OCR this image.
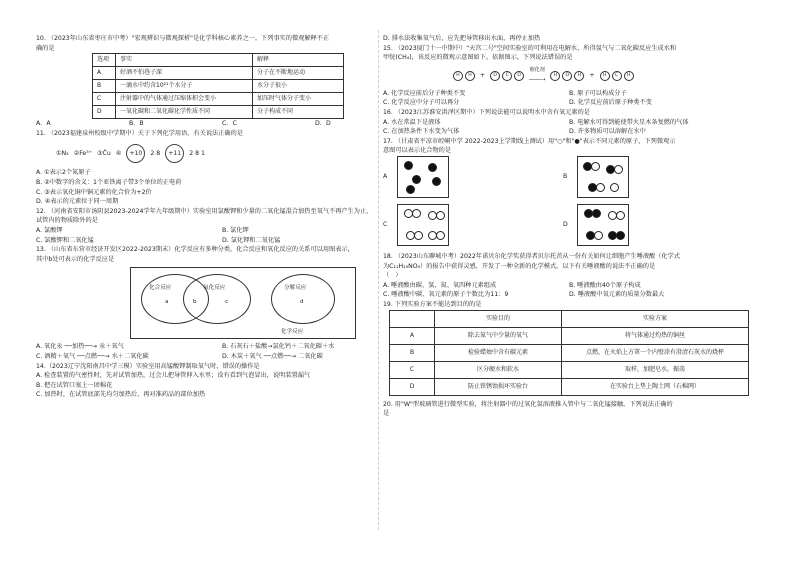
10. （2023年山东省枣庄市中考）"宏观辨识与微观探析"是化学科核心素养之一。下列事实的微观解释不正

确的是

选项	事实	解释
A	好酒不怕巷子深	分子在不断地运动
B	一滴水中约含10²¹个水分子	水分子很小
C	注射器中的气体通过压缩体积会变小	加压时气体分子变小
D	一氧化碳和二氧化碳化学性质不同	分子构成不同
A．A	B．B	C．C	D．D

11. （2023福建泉州校级中学期中）关于下列化学用语，有关说法正确的是

①N₂ ②Fe³⁺ ③C̊u ④ +10 2 8 +11 2 8 1

A. ①表示2个氮原子

B. ②中数字的含义：1个亚铁离子带3个单位的正电荷

C. ③表示氧化铜中铜元素的化合价为+2价

D. ④表示的元素位于同一周期

12. （河南省安阳市汤阴县2023-2024学年九年级期中）实验室用氯酸钾和少量的二氧化锰混合加热至氧气不再产生为止，

试管内的物质除外的是

A. 氯酸钾	B. 氯化钾
C. 氯酸钾和二氧化锰	D. 氯化钾和二氧化锰

13. （山东省东营市经济开发区2022-2023期末）化学反应有多种分类，化合反应和氧化反应的关系可以用图表示，

其中b处可表示的化学反应是

化合反应	氧化反应	分解反应
a	b	c	d
化学反应
A. 氧化汞 ──加热──→ 汞＋氧气	B. 石灰石＋盐酸→氯化钙＋二氧化碳＋水
C. 酒精＋氧气 ──点燃──→ 水＋二氧化碳	D. 木炭＋氧气 ──点燃──→ 二氧化碳

14.（2023辽宁沈阳南昌中学三模）实验室用高锰酸钾制取氧气时，错误的操作是

A. 检查装置的气密性时，先对试管加热，过会儿把导管伸入水里；没有看到气泡冒出，说明装置漏气

B. 把在试管口塞上一团棉花

C. 加热时，在试管底部先均匀加热后，再对准药品的部位加热

D. 排水法收集氧气后，应先把导管移出水面，再停止加热

15. （2023厦门十一中期中）"天宫二号"空间实验室的可利用在电解水，所得氢气与二氧化碳反应生成水和

甲烷(CH₄)，该反应的微观示意图如下。依据图示，下列说法错误的是

H	H	+	O	C	O
催化剂
────→
H	O	H	+	H	C	H
A. 化学反应前后分子种类不变	B. 原子可以构成分子
C. 化学反应中分子可以再分	D. 化学反应前后原子种类不变

16. （2023江苏淮安洪泽区期中）下列说法能可以说明水中含有氧元素的是

A. 水在常温下是液体	B. 电解水可得到能使带火星木条复燃的气体
C. 在加热条件下水变为气体	D. 许多物质可以溶解在水中

17. （甘肃省平凉市崆峒中学 2022-2023上学期线上测试）用"○"和"●"表示不同元素的原子，下列微观示

意图可以表示化合物的是

A	B
C	D

18. （2023山东聊城中考）2022年诺贝尔化学奖获得者贝尔托茨从一份有关如何让细胞产生唾液酸（化学式

为C₁₁H₁₉NO₉）的报告中获得灵感，开发了一种全新的化学模式。以下有关唾液酸的说法不正确的是

（　）

A. 唾液酸由碳、氢、氮、氧四种元素组成	B. 唾液酸由40个原子构成
C. 唾液酸中碳、氧元素的原子个数比为11：9	D. 唾液酸中氧元素的质量分数最大

19. 下列实验方案不能达到目的的是

	实验目的	实验方案
A	除去氮气中少量的氧气	将气体通过灼热的铜丝
B	检验蜡烛中含有碳元素	点燃，在火焰上方罩一个内壁涂有澄清石灰水的烧杯
C	区分硬水和软水	取样，加肥皂水，振荡
D	防止铁锈蚀损坏实验台	在实验台上垫上陶土网（石棉网）

20. 用"W"型玻璃管进行微型实验，将注射器中的过氧化氢溶液推入管中与二氧化锰接触。下列说法正确的

是
